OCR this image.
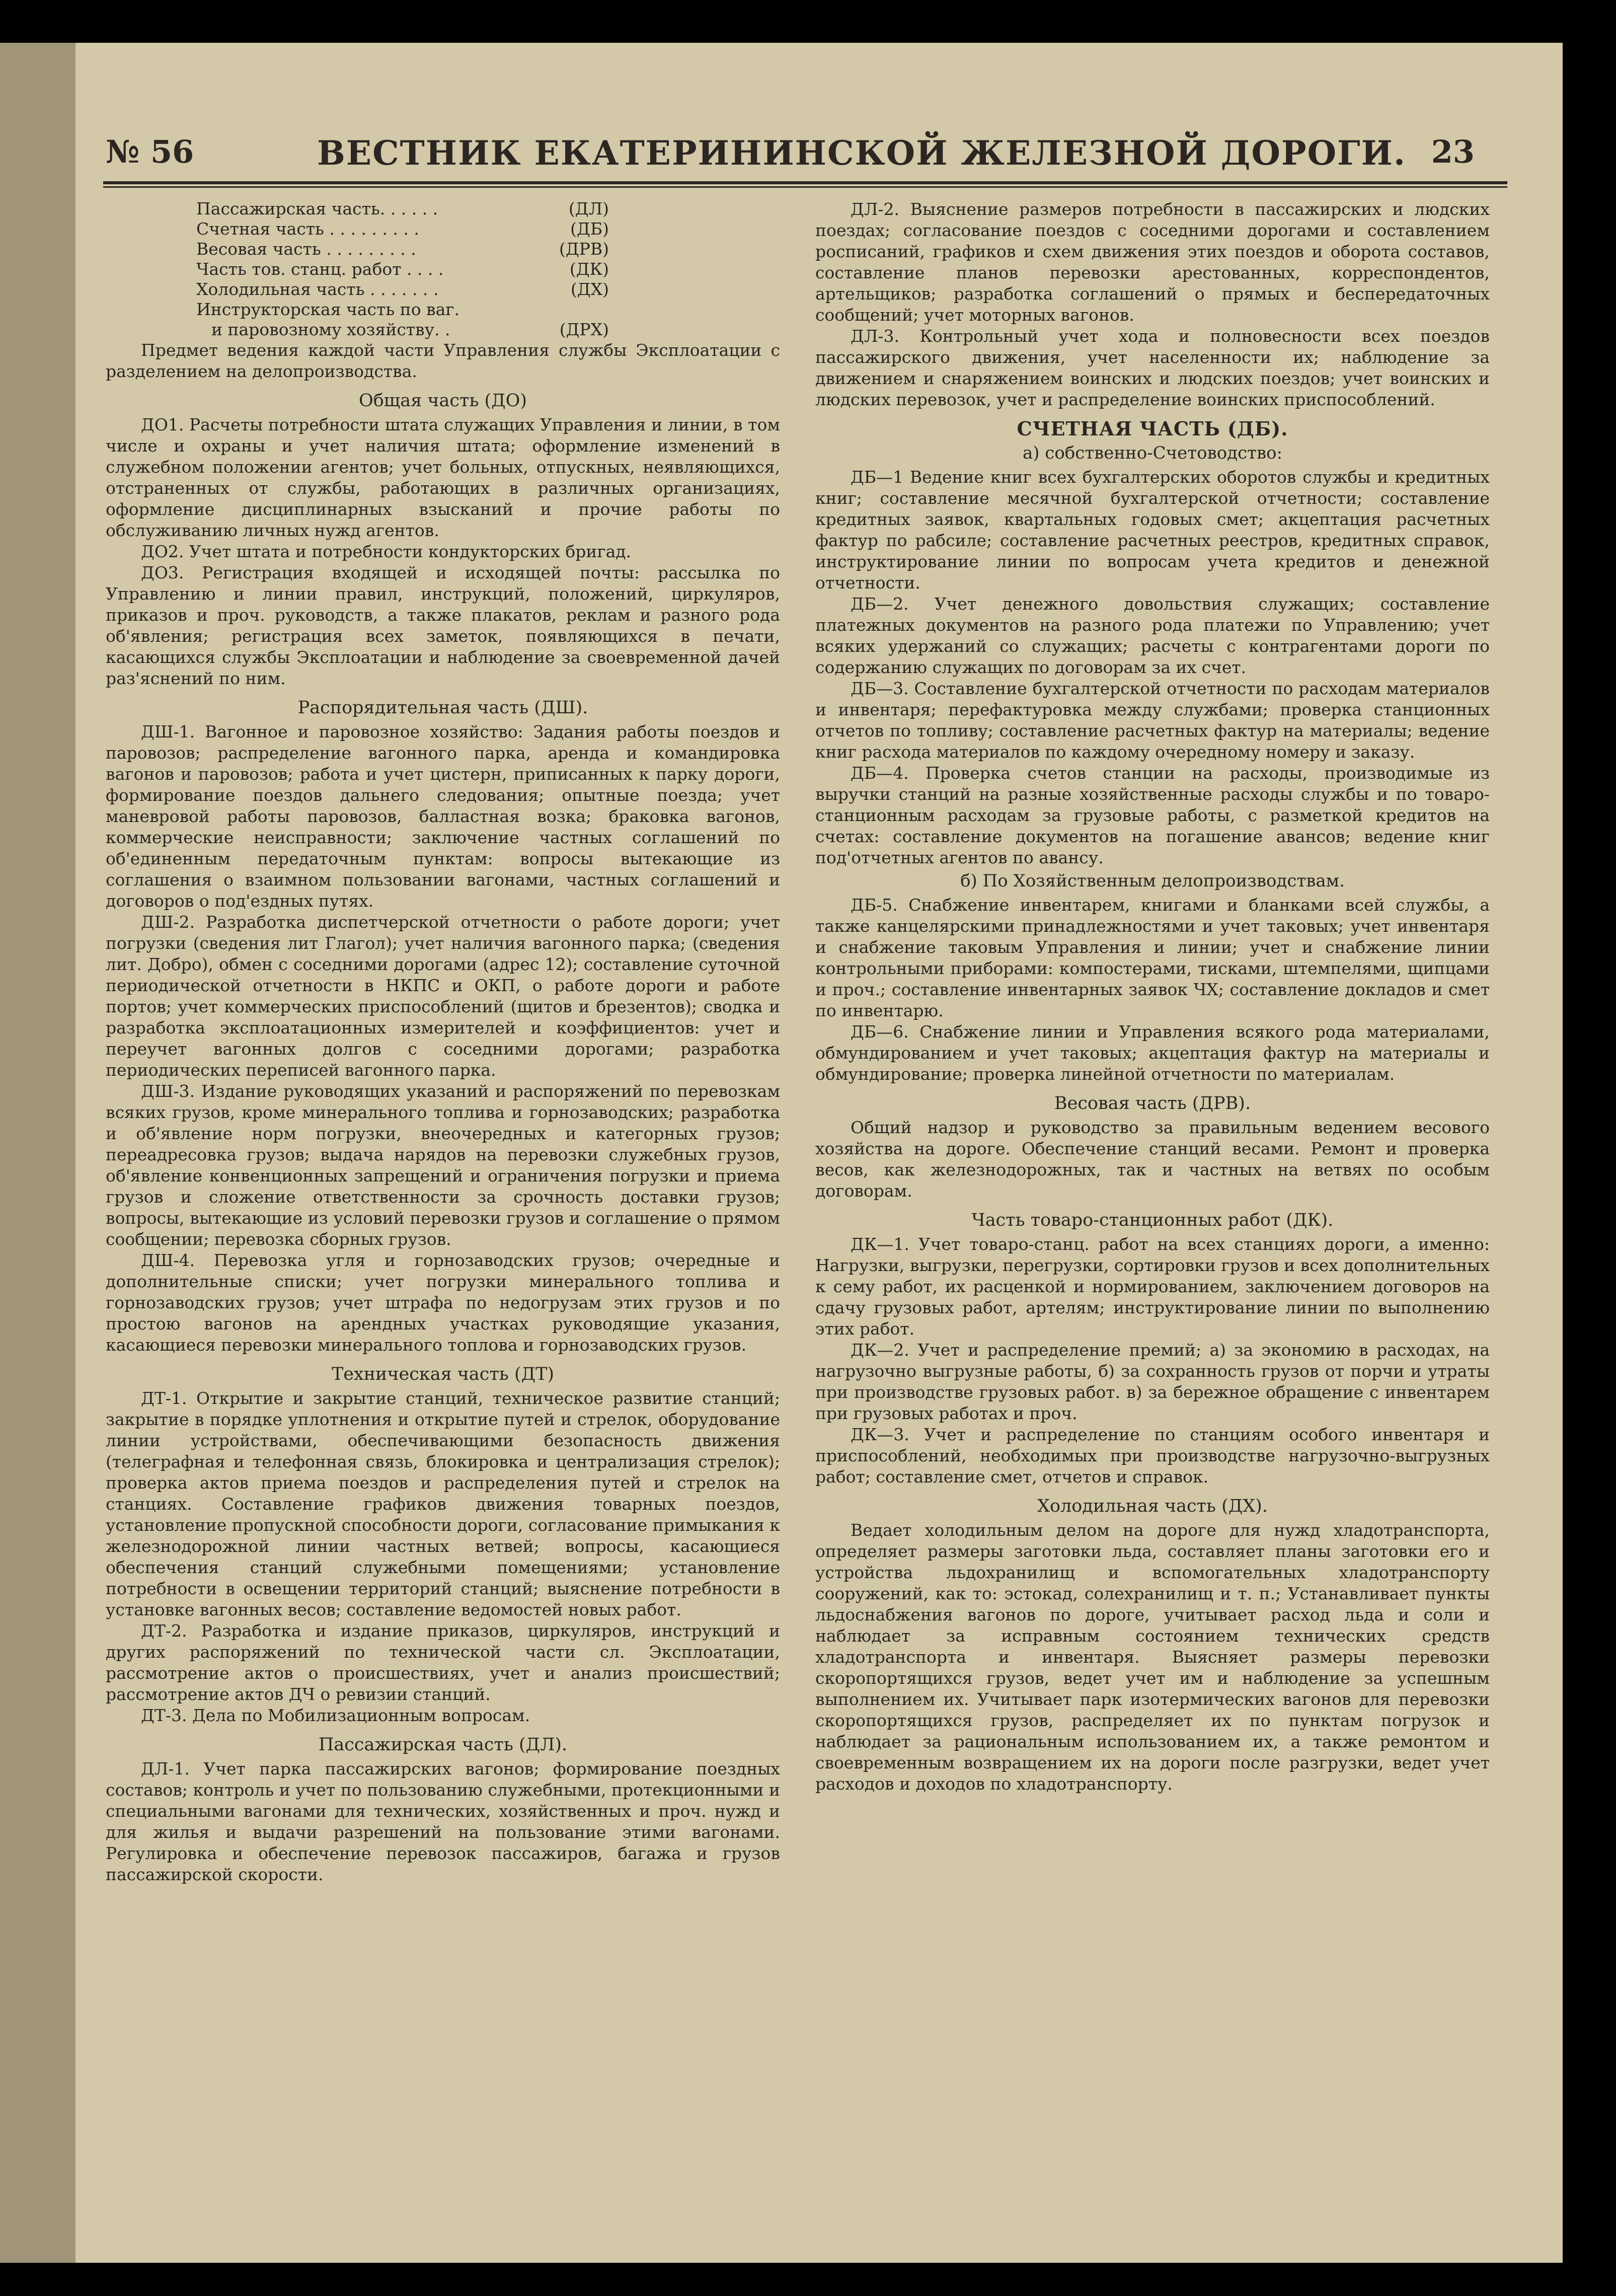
№ 56	ВЕСТНИК ЕКАТЕРИНИНСКОЙ ЖЕЛЕЗНОЙ ДОРОГИ. 23
Пассажирская часть. . . . . .	(ДЛ)
Счетная часть . . . . . . . . .	(ДБ)
Весовая часть . . . . . . . . .	(ДРВ)
Часть тов. станц. работ . . . .	(ДК)
Холодильная часть . . . . . . .	(ДХ)
Инструкторская часть по ваг.
и паровозному хозяйству. .	(ДРХ)

Предмет ведения каждой части Управления службы Эксплоатации с разделением на делопроизводства.

Общая часть (ДО)

ДО1. Расчеты потребности штата служащих Управления и линии, в том числе и охраны и учет наличия штата; оформление изменений в служебном положении агентов; учет больных, отпускных, неявляющихся, отстраненных от службы, работающих в различных организациях, оформление дисциплинарных взысканий и прочие работы по обслуживанию личных нужд агентов.

ДО2. Учет штата и потребности кондукторских бригад.

ДО3. Регистрация входящей и исходящей почты: рассылка по Управлению и линии правил, инструкций, положений, циркуляров, приказов и проч. руководств, а также плакатов, реклам и разного рода об'явления; регистрация всех заметок, появляющихся в печати, касающихся службы Эксплоатации и наблюдение за своевременной дачей раз'яснений по ним.

Распорядительная часть (ДШ).

ДШ-1. Вагонное и паровозное хозяйство: Задания работы поездов и паровозов; распределение вагонного парка, аренда и командировка вагонов и паровозов; работа и учет цистерн, приписанных к парку дороги, формирование поездов дальнего следования; опытные поезда; учет маневровой работы паровозов, балластная возка; браковка вагонов, коммерческие неисправности; заключение частных соглашений по об'единенным передаточным пунктам: вопросы вытекающие из соглашения о взаимном пользовании вагонами, частных соглашений и договоров о под'ездных путях.

ДШ-2. Разработка диспетчерской отчетности о работе дороги; учет погрузки (сведения лит Глагол); учет наличия вагонного парка; (сведения лит. Добро), обмен с соседними дорогами (адрес 12); составление суточной периодической отчетности в НКПС и ОКП, о работе дороги и работе портов; учет коммерческих приспособлений (щитов и брезентов); сводка и разработка эксплоатационных измерителей и коэффициентов: учет и переучет вагонных долгов с соседними дорогами; разработка периодических переписей вагонного парка.

ДШ-3. Издание руководящих указаний и распоряжений по перевозкам всяких грузов, кроме минерального топлива и горнозаводских; разработка и об'явление норм погрузки, внеочередных и категорных грузов; переадресовка грузов; выдача нарядов на перевозки служебных грузов, об'явление конвенционных запрещений и ограничения погрузки и приема грузов и сложение ответственности за срочность доставки грузов; вопросы, вытекающие из условий перевозки грузов и соглашение о прямом сообщении; перевозка сборных грузов.

ДШ-4. Перевозка угля и горнозаводских грузов; очередные и дополнительные списки; учет погрузки минерального топлива и горнозаводских грузов; учет штрафа по недогрузам этих грузов и по простою вагонов на арендных участках руководящие указания, касающиеся перевозки минерального топлова и горнозаводских грузов.

Техническая часть (ДТ)

ДТ-1. Открытие и закрытие станций, техническое развитие станций; закрытие в порядке уплотнения и открытие путей и стрелок, оборудование линии устройствами, обеспечивающими безопасность движения (телеграфная и телефонная связь, блокировка и централизация стрелок); проверка актов приема поездов и распределения путей и стрелок на станциях. Составление графиков движения товарных поездов, установление пропускной способности дороги, согласование примыкания к железнодорожной линии частных ветвей; вопросы, касающиеся обеспечения станций служебными помещениями; установление потребности в освещении территорий станций; выяснение потребности в установке вагонных весов; составление ведомостей новых работ.

ДТ-2. Разработка и издание приказов, циркуляров, инструкций и других распоряжений по технической части сл. Эксплоатации, рассмотрение актов о происшествиях, учет и анализ происшествий; рассмотрение актов ДЧ о ревизии станций.

ДТ-3. Дела по Мобилизационным вопросам.

Пассажирская часть (ДЛ).

ДЛ-1. Учет парка пассажирских вагонов; формирование поездных составов; контроль и учет по пользованию служебными, протекционными и специальными вагонами для технических, хозяйственных и проч. нужд и для жилья и выдачи разрешений на пользование этими вагонами. Регулировка и обеспечение перевозок пассажиров, багажа и грузов пассажирской скорости.

ДЛ-2. Выяснение размеров потребности в пассажирских и людских поездах; согласование поездов с соседними дорогами и составлением росписаний, графиков и схем движения этих поездов и оборота составов, составление планов перевозки арестованных, корреспондентов, артельщиков; разработка соглашений о прямых и беспередаточных сообщений; учет моторных вагонов.

ДЛ-3. Контрольный учет хода и полновесности всех поездов пассажирского движения, учет населенности их; наблюдение за движением и снаряжением воинских и людских поездов; учет воинских и людских перевозок, учет и распределение воинских приспособлений.

СЧЕТНАЯ ЧАСТЬ (ДБ).
а) собственно-Счетоводство:

ДБ—1 Ведение книг всех бухгалтерских оборотов службы и кредитных книг; составление месячной бухгалтерской отчетности; составление кредитных заявок, квартальных годовых смет; акцептация расчетных фактур по рабсиле; составление расчетных реестров, кредитных справок, инструктирование линии по вопросам учета кредитов и денежной отчетности.

ДБ—2. Учет денежного довольствия служащих; составление платежных документов на разного рода платежи по Управлению; учет всяких удержаний со служащих; расчеты с контрагентами дороги по содержанию служащих по договорам за их счет.

ДБ—3. Составление бухгалтерской отчетности по расходам материалов и инвентаря; перефактуровка между службами; проверка станционных отчетов по топливу; составление расчетных фактур на материалы; ведение книг расхода материалов по каждому очередному номеру и заказу.

ДБ—4. Проверка счетов станции на расходы, производимые из выручки станций на разные хозяйственные расходы службы и по товаро-станционным расходам за грузовые работы, с разметкой кредитов на счетах: составление документов на погашение авансов; ведение книг под'отчетных агентов по авансу.

б) По Хозяйственным делопроизводствам.

ДБ-5. Снабжение инвентарем, книгами и бланками всей службы, а также канцелярскими принадлежностями и учет таковых; учет инвентаря и снабжение таковым Управления и линии; учет и снабжение линии контрольными приборами: компостерами, тисками, штемпелями, щипцами и проч.; составление инвентарных заявок ЧХ; составление докладов и смет по инвентарю.

ДБ—6. Снабжение линии и Управления всякого рода материалами, обмундированием и учет таковых; акцептация фактур на материалы и обмундирование; проверка линейной отчетности по материалам.

Весовая часть (ДРВ).

Общий надзор и руководство за правильным ведением весового хозяйства на дороге. Обеспечение станций весами. Ремонт и проверка весов, как железнодорожных, так и частных на ветвях по особым договорам.

Часть товаро-станционных работ (ДК).

ДК—1. Учет товаро-станц. работ на всех станциях дороги, а именно: Нагрузки, выгрузки, перегрузки, сортировки грузов и всех дополнительных к сему работ, их расценкой и нормированием, заключением договоров на сдачу грузовых работ, артелям; инструктирование линии по выполнению этих работ.

ДК—2. Учет и распределение премий; а) за экономию в расходах, на нагрузочно выгрузные работы, б) за сохранность грузов от порчи и утраты при производстве грузовых работ. в) за бережное обращение с инвентарем при грузовых работах и проч.

ДК—3. Учет и распределение по станциям особого инвентаря и приспособлений, необходимых при производстве нагрузочно-выгрузных работ; составление смет, отчетов и справок.

Холодильная часть (ДХ).

Ведает холодильным делом на дороге для нужд хладотранспорта, определяет размеры заготовки льда, составляет планы заготовки его и устройства льдохранилищ и вспомогательных хладотранспорту сооружений, как то: эстокад, солехранилищ и т. п.; Устанавливает пункты льдоснабжения вагонов по дороге, учитывает расход льда и соли и наблюдает за исправным состоянием технических средств хладотранспорта и инвентаря. Выясняет размеры перевозки скоропортящихся грузов, ведет учет им и наблюдение за успешным выполнением их. Учитывает парк изотермических вагонов для перевозки скоропортящихся грузов, распределяет их по пунктам погрузок и наблюдает за рациональным использованием их, а также ремонтом и своевременным возвращением их на дороги после разгрузки, ведет учет расходов и доходов по хладотранспорту.
